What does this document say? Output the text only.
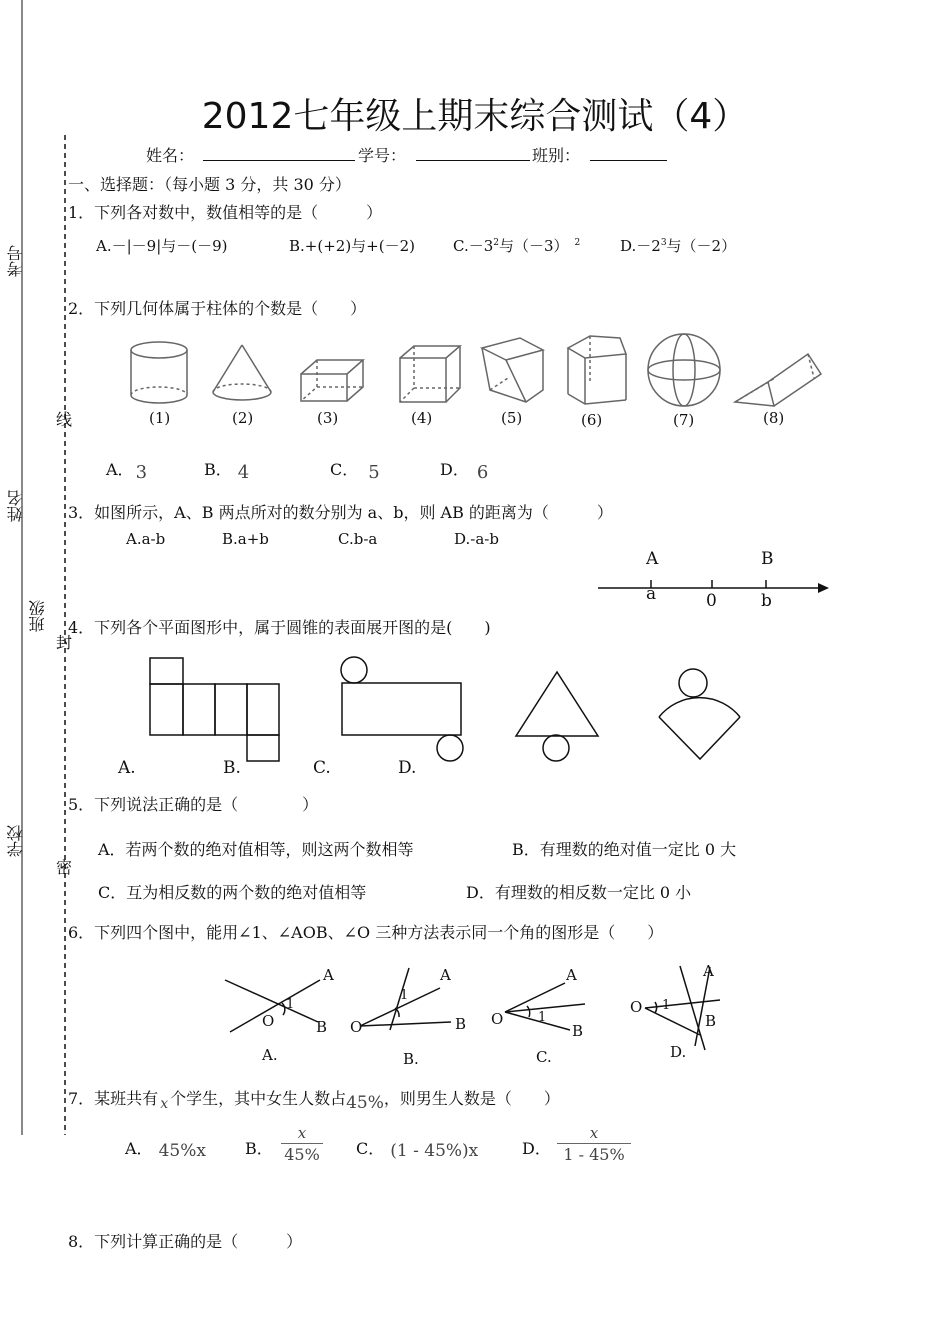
考号
姓名
班级
学校
线
封
密
2012七年级上期末综合测试（4）
姓名：	学号：	班别：
一、选择题：（每小题 3 分，共 30 分）
1．下列各对数中，数值相等的是（　　　）
A.－|－9|与－(－9)	B.+(+2)与+(－2)	$C.-3^2$与（－3） $^2$	$D.-2^3$与（－2）
2．下列几何体属于柱体的个数是（　　）
(1)	(2)	(3)	(4)	(5)	(6)	(7)	(8)
A． 3	B． 4	C． 5	D． 6
3．如图所示，A、B 两点所对的数分别为 a、b，则 AB 的距离为（　　　）
A.a-b	B.a+b	C.b-a	D.-a-b
A	B
a	0	b
4．下列各个平面图形中，属于圆锥的表面展开图的是(　　)
A.	B.	C.	D.
5．下列说法正确的是（　　　　）
A．若两个数的绝对值相等，则这两个数相等	B．有理数的绝对值一定比 0 大
C．互为相反数的两个数的绝对值相等	D．有理数的相反数一定比 0 小
6．下列四个图中，能用∠1、∠AOB、∠O 三种方法表示同一个角的图形是（　　）
A
O
1
B
A
1
O	B
A
O	1
B
A
O 1
B
A.	B.	C.	D.
7．某班共有 x 个学生，其中女生人数占45%，则男生人数是（　　）
A． 45%x B．
x
45% C． (1 - 45%)x	D．
x
1 - 45%
8．下列计算正确的是（　　　）
